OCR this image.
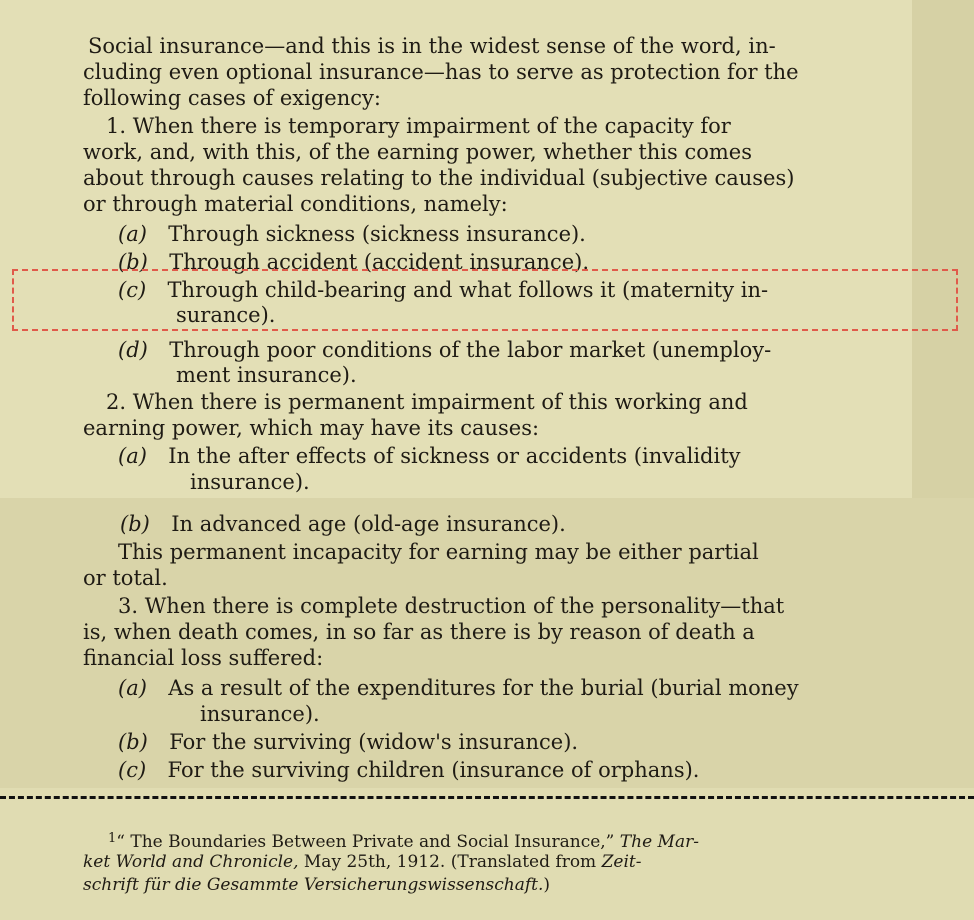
Social insurance—and this is in the widest sense of the word, in-
cluding even optional insurance—has to serve as protection for the
following cases of exigency:
1. When there is temporary impairment of the capacity for
work, and, with this, of the earning power, whether this comes
about through causes relating to the individual (subjective causes)
or through material conditions, namely:
(a) Through sickness (sickness insurance).
(b) Through accident (accident insurance).
(c) Through child-bearing and what follows it (maternity in-
surance).
(d) Through poor conditions of the labor market (unemploy-
ment insurance).
2. When there is permanent impairment of this working and
earning power, which may have its causes:
(a) In the after effects of sickness or accidents (invalidity
insurance).
(b) In advanced age (old-age insurance).
This permanent incapacity for earning may be either partial
or total.
3. When there is complete destruction of the personality—that
is, when death comes, in so far as there is by reason of death a
financial loss suffered:
(a) As a result of the expenditures for the burial (burial money
insurance).
(b) For the surviving (widow's insurance).
(c) For the surviving children (insurance of orphans).
$^1$“ The Boundaries Between Private and Social Insurance,” The Mar-
ket World and Chronicle, May 25th, 1912. (Translated from Zeit-
schrift für die Gesammte Versicherungswissenschaft.)
